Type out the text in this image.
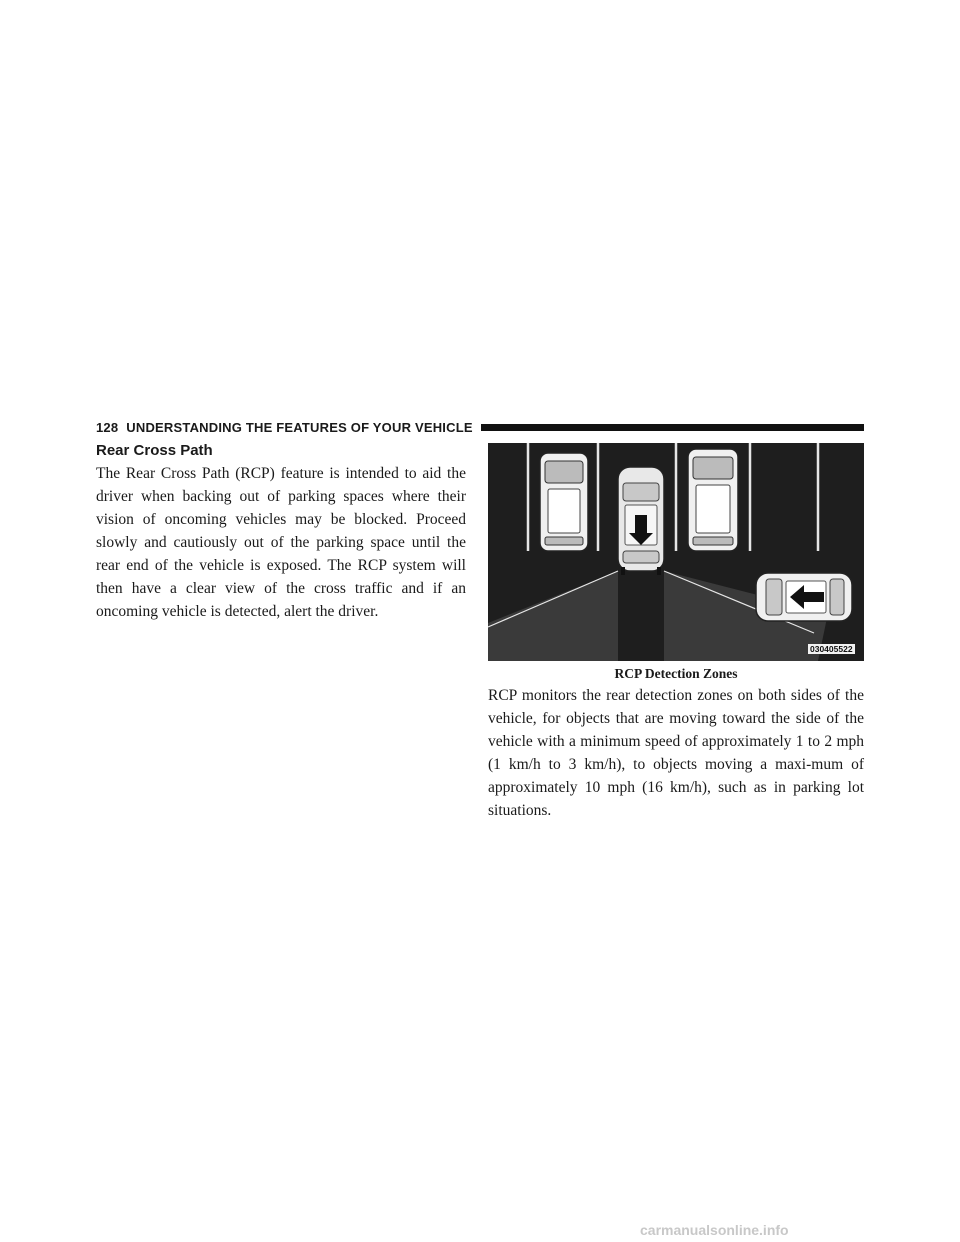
128 UNDERSTANDING THE FEATURES OF YOUR VEHICLE
Rear Cross Path

The Rear Cross Path (RCP) feature is intended to aid the driver when backing out of parking spaces where their vision of oncoming vehicles may be blocked. Proceed slowly and cautiously out of the parking space until the rear end of the vehicle is exposed. The RCP system will then have a clear view of the cross traffic and if an oncoming vehicle is detected, alert the driver.

030405522

RCP Detection Zones

RCP monitors the rear detection zones on both sides of the vehicle, for objects that are moving toward the side of the vehicle with a minimum speed of approximately 1 to 2 mph (1 km/h to 3 km/h), to objects moving a maxi-mum of approximately 10 mph (16 km/h), such as in parking lot situations.

carmanualsonline.info
